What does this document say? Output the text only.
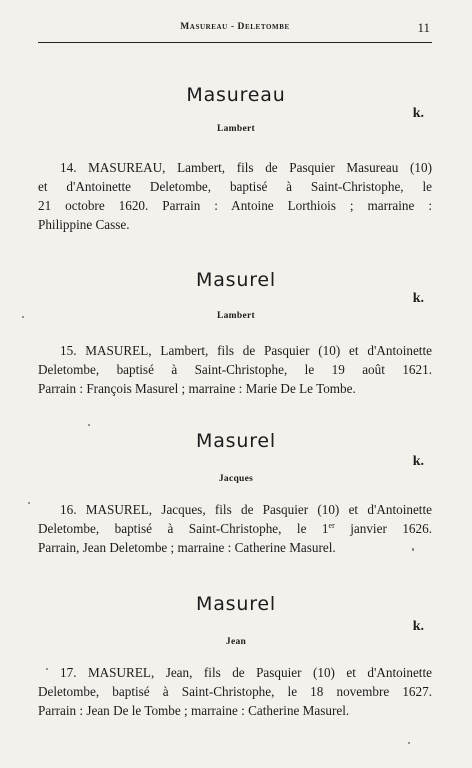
Masureau - Deletombe	11
Masureau
k.
Lambert
14. MASUREAU, Lambert, fils de Pasquier Masureau (10)
et d'Antoinette Deletombe, baptisé à Saint-Christophe, le
21 octobre 1620. Parrain : Antoine Lorthiois ; marraine :
Philippine Casse.
Masurel
k.
Lambert
15. MASUREL, Lambert, fils de Pasquier (10) et d'Antoinette
Deletombe, baptisé à Saint-Christophe, le 19 août 1621.
Parrain : François Masurel ; marraine : Marie De Le Tombe.
Masurel
k.
Jacques
16. MASUREL, Jacques, fils de Pasquier (10) et d'Antoinette
Deletombe, baptisé à Saint-Christophe, le 1er janvier 1626.
Parrain, Jean Deletombe ; marraine : Catherine Masurel.
Masurel
k.
Jean
17. MASUREL, Jean, fils de Pasquier (10) et d'Antoinette
Deletombe, baptisé à Saint-Christophe, le 18 novembre 1627.
Parrain : Jean De le Tombe ; marraine : Catherine Masurel.
